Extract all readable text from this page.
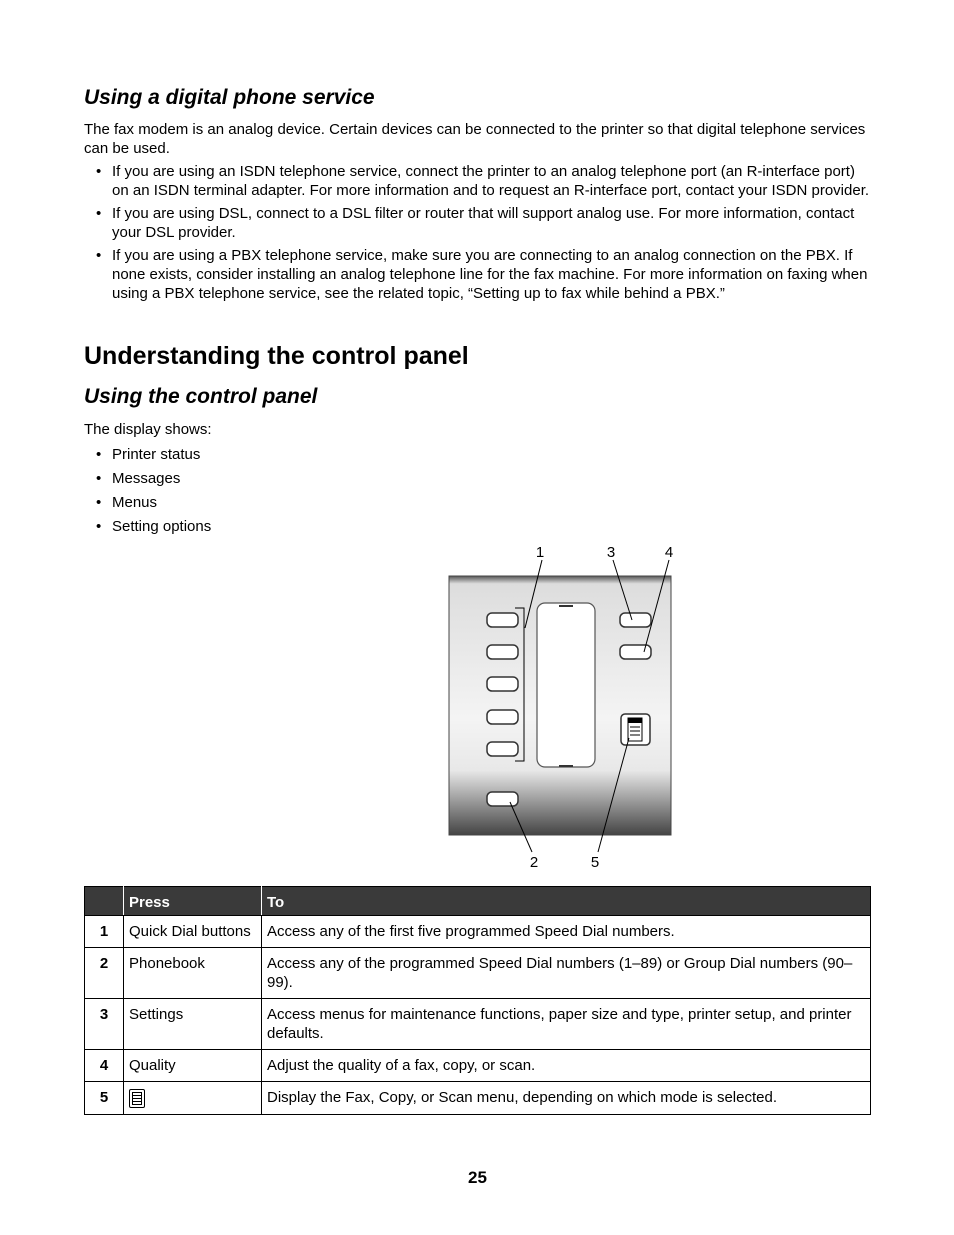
Using a digital phone service

The fax modem is an analog device. Certain devices can be connected to the printer so that digital telephone services can be used.

• If you are using an ISDN telephone service, connect the printer to an analog telephone port (an R-interface port) on an ISDN terminal adapter. For more information and to request an R-interface port, contact your ISDN provider.
• If you are using DSL, connect to a DSL filter or router that will support analog use. For more information, contact your DSL provider.
• If you are using a PBX telephone service, make sure you are connecting to an analog connection on the PBX. If none exists, consider installing an analog telephone line for the fax machine. For more information on faxing when using a PBX telephone service, see the related topic, “Setting up to fax while behind a PBX.”
Understanding the control panel
Using the control panel

The display shows:

• Printer status
• Messages
• Menus
• Setting options
1	3	4
2	5
	Press	To
1	Quick Dial buttons	Access any of the first five programmed Speed Dial numbers.
2	Phonebook	Access any of the programmed Speed Dial numbers (1–89) or Group Dial numbers (90–99).
3	Settings	Access menus for maintenance functions, paper size and type, printer setup, and printer defaults.
4	Quality	Adjust the quality of a fax, copy, or scan.
5		Display the Fax, Copy, or Scan menu, depending on which mode is selected.
25
